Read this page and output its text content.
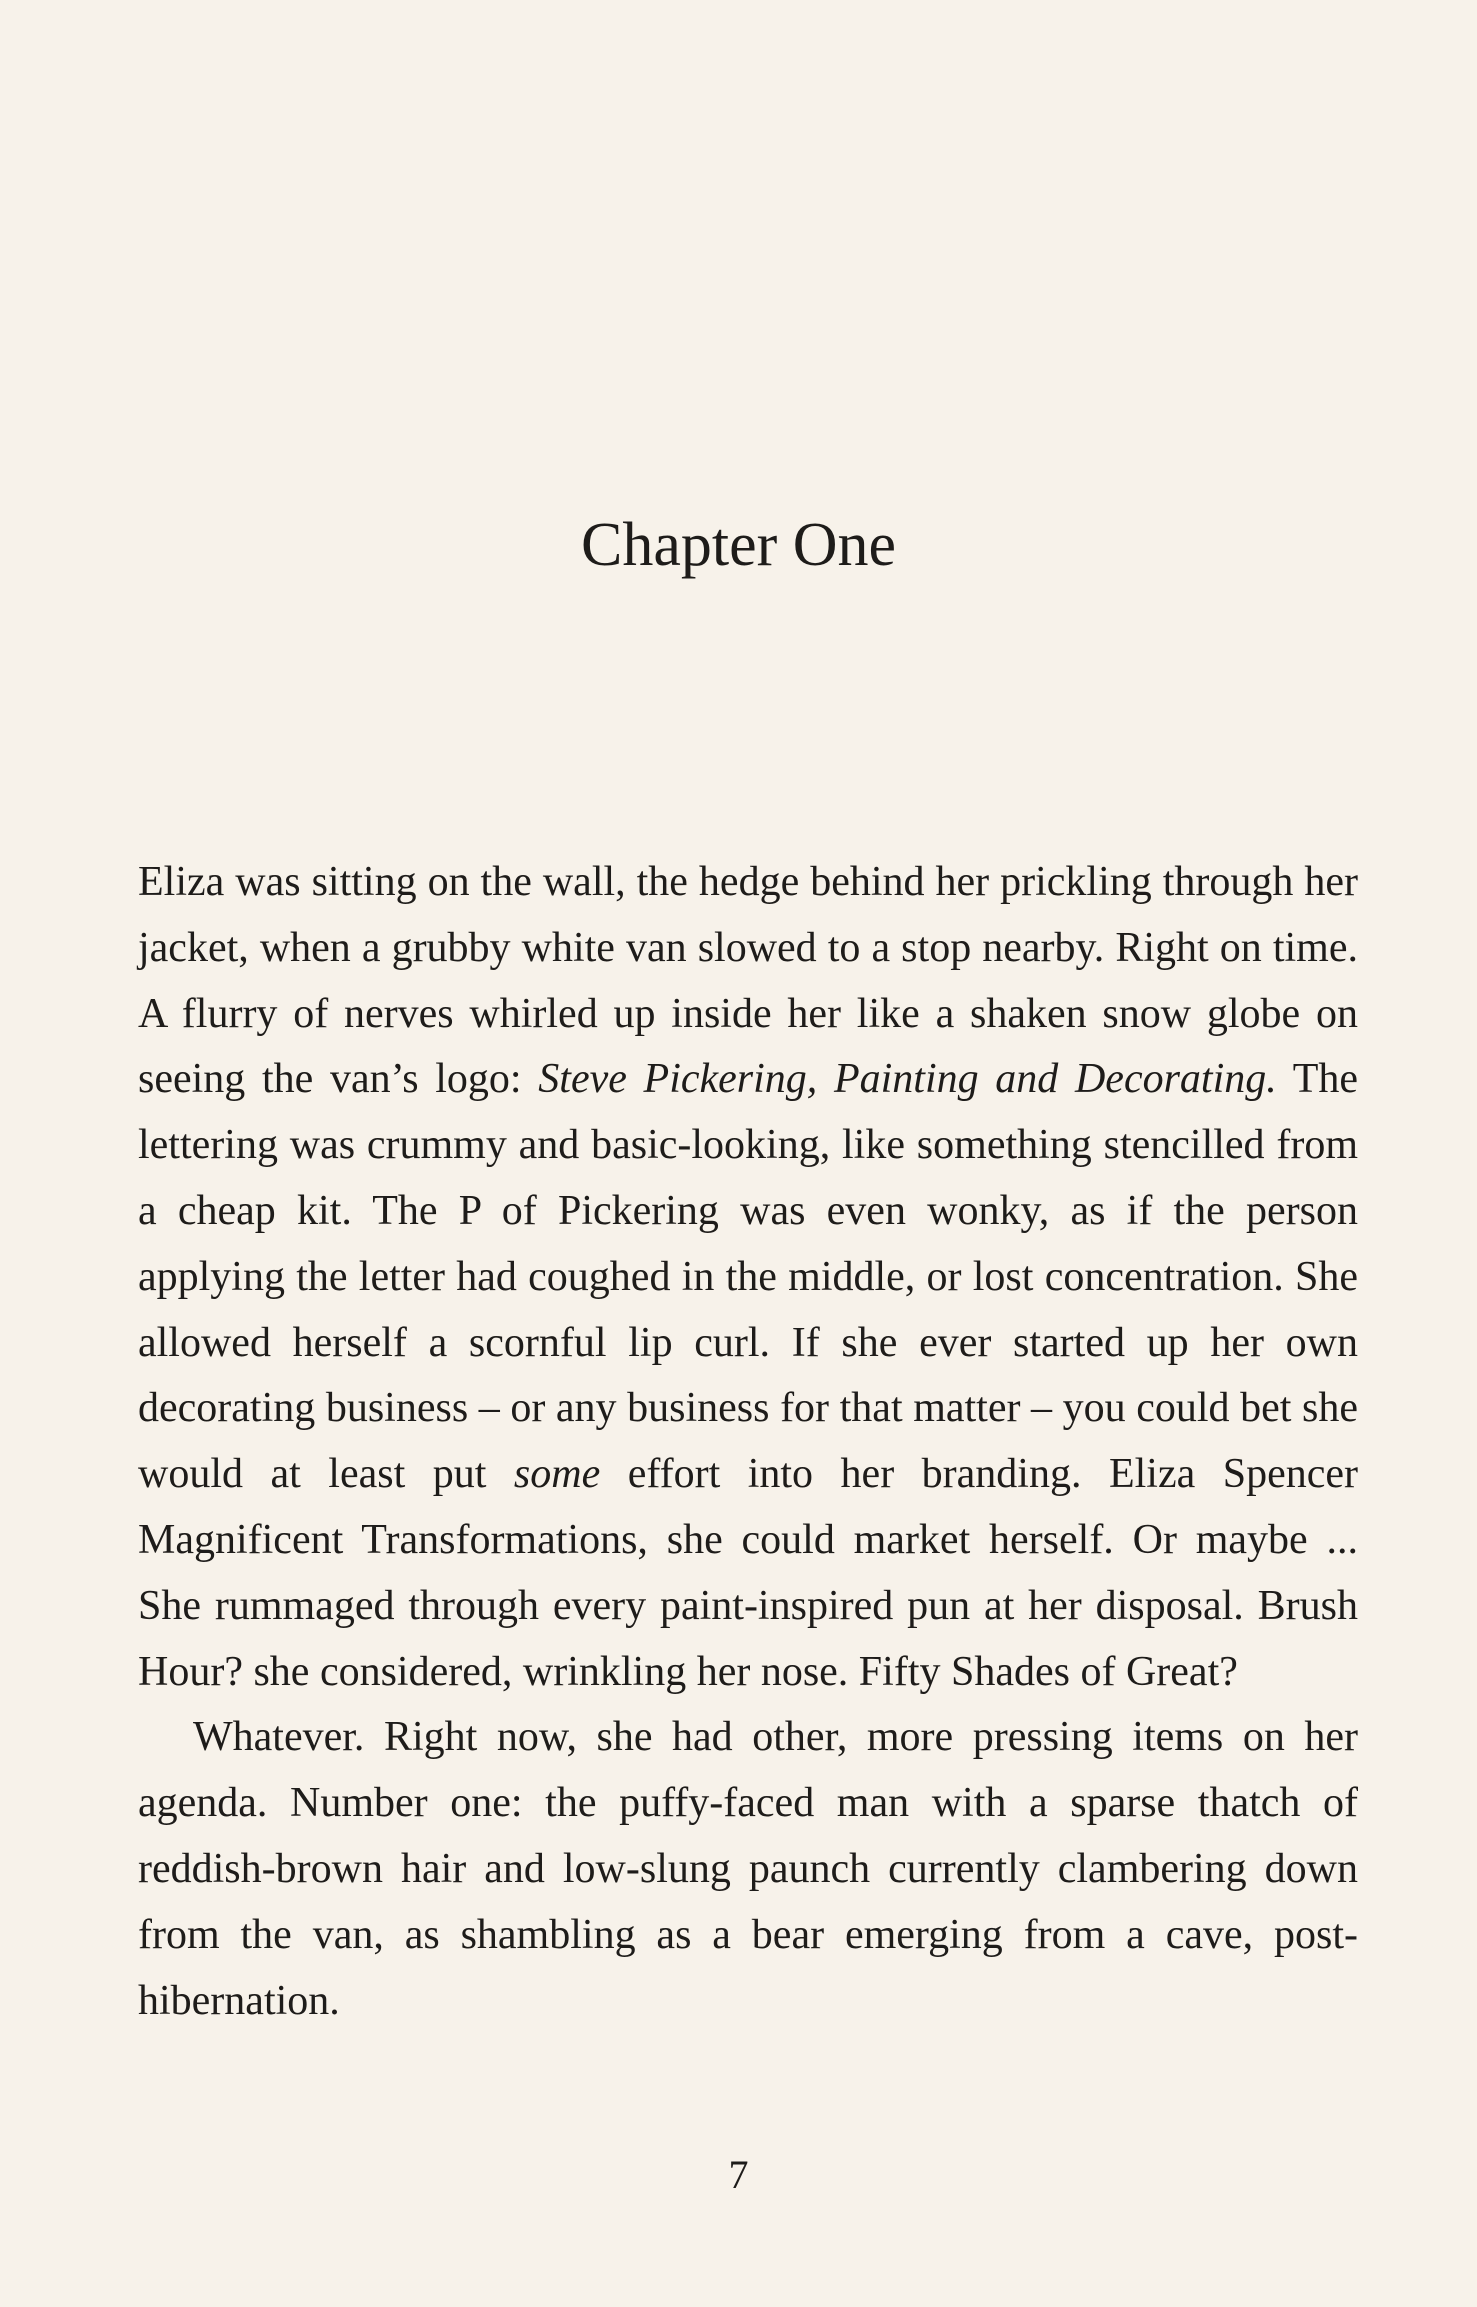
Chapter One

Eliza was sitting on the wall, the hedge behind her prickling through her jacket, when a grubby white van slowed to a stop nearby. Right on time. A flurry of nerves whirled up inside her like a shaken snow globe on seeing the van’s logo: Steve Pickering, Painting and Decorating. The lettering was crummy and basic-looking, like something stencilled from a cheap kit. The P of Pickering was even wonky, as if the person applying the letter had coughed in the middle, or lost concentration. She allowed herself a scornful lip curl. If she ever started up her own decorating business – or any business for that matter – you could bet she would at least put some effort into her branding. Eliza Spencer Magnificent Transformations, she could market herself. Or maybe ... She rummaged through every paint-inspired pun at her disposal. Brush Hour? she considered, wrinkling her nose. Fifty Shades of Great?

Whatever. Right now, she had other, more pressing items on her agenda. Number one: the puffy-faced man with a sparse thatch of reddish-brown hair and low-slung paunch currently clambering down from the van, as shambling as a bear emerging from a cave, post-hibernation.

7
